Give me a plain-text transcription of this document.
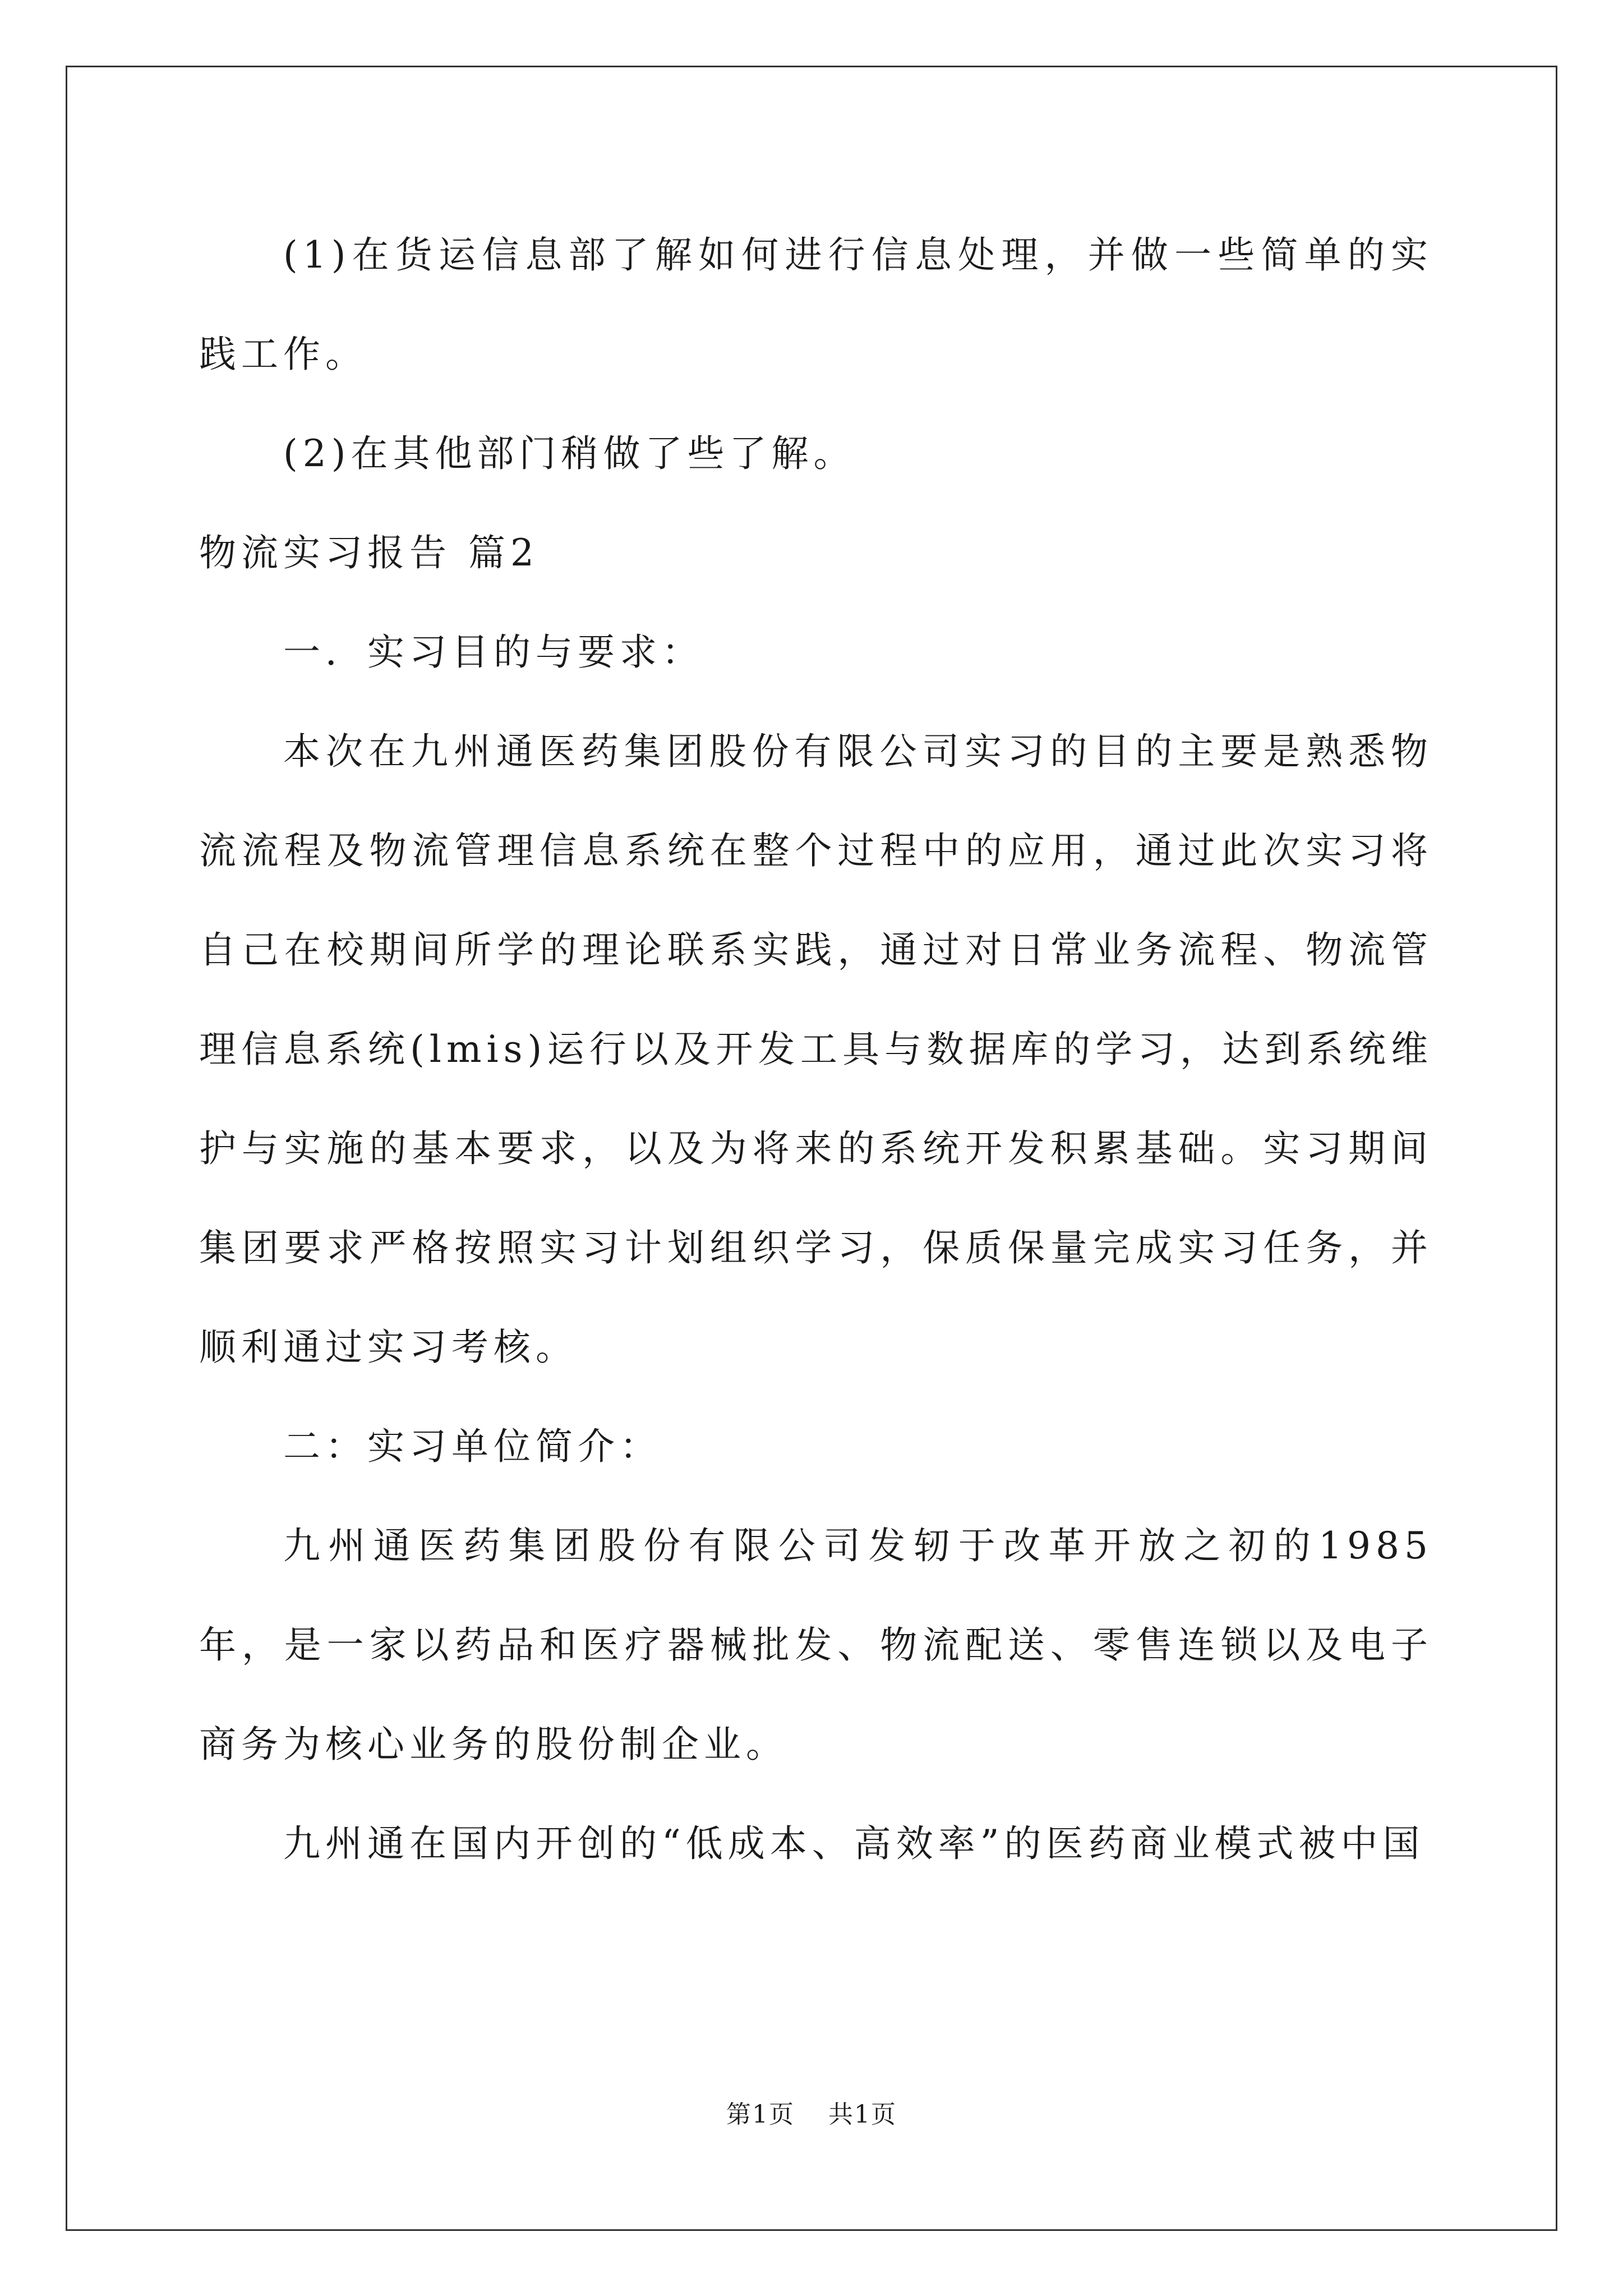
(1)在货运信息部了解如何进行信息处理，并做一些简单的实践工作。

(2)在其他部门稍做了些了解。

物流实习报告 篇2

一．实习目的与要求：

本次在九州通医药集团股份有限公司实习的目的主要是熟悉物流流程及物流管理信息系统在整个过程中的应用，通过此次实习将自己在校期间所学的理论联系实践，通过对日常业务流程、物流管理信息系统(lmis)运行以及开发工具与数据库的学习，达到系统维护与实施的基本要求，以及为将来的系统开发积累基础。实习期间集团要求严格按照实习计划组织学习，保质保量完成实习任务，并顺利通过实习考核。

二：实习单位简介：

九州通医药集团股份有限公司发轫于改革开放之初的1985年，是一家以药品和医疗器械批发、物流配送、零售连锁以及电子商务为核心业务的股份制企业。

九州通在国内开创的“低成本、高效率”的医药商业模式被中国

第1页 共1页
